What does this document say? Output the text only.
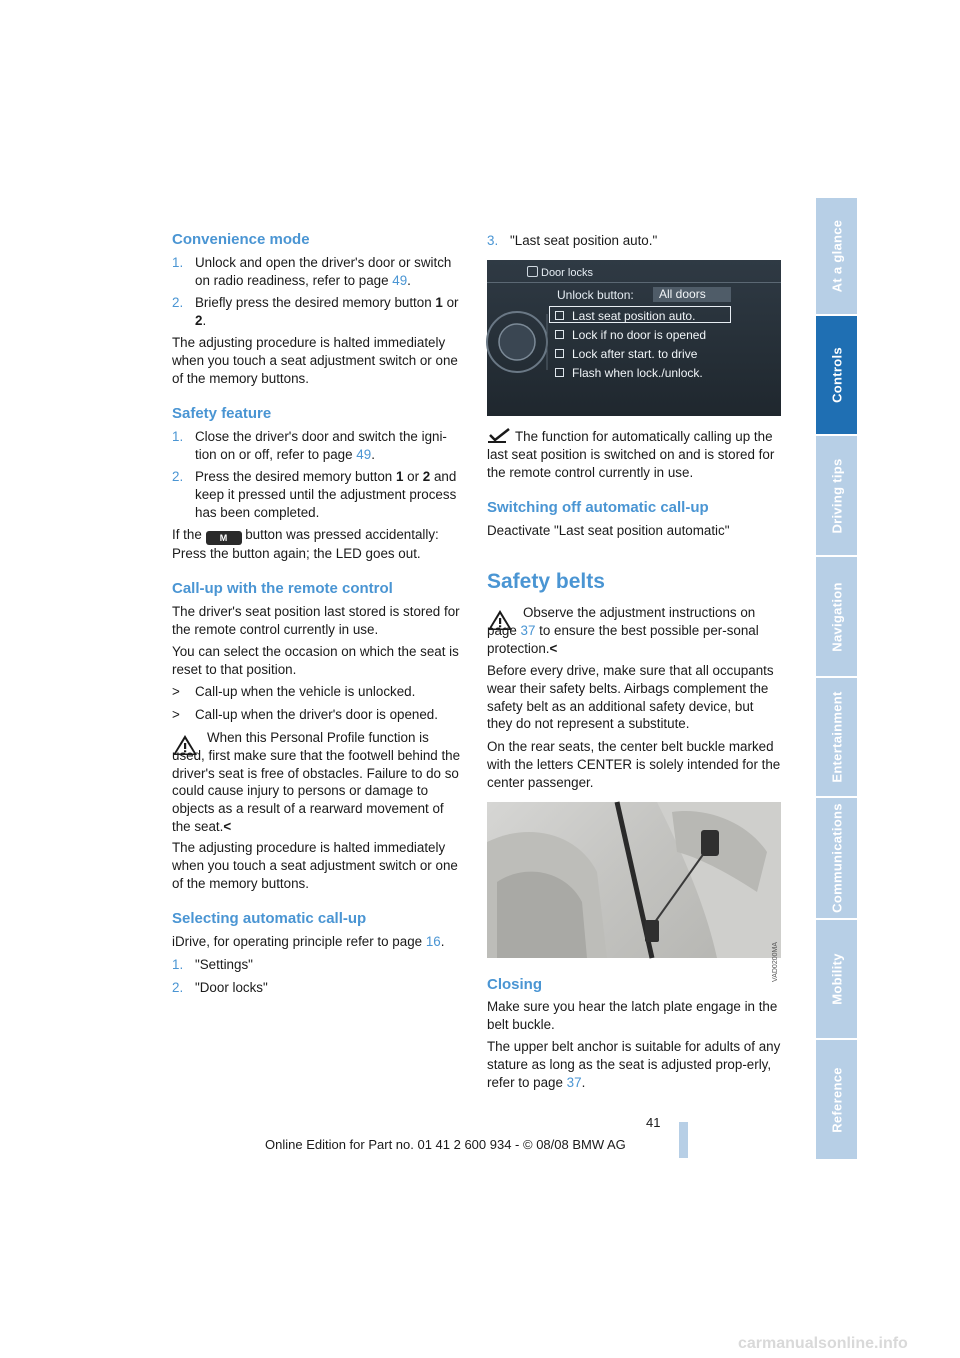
At a glance
Controls
Driving tips
Navigation
Entertainment
Communications
Mobility
Reference
Convenience mode
1. Unlock and open the driver's door or switch on radio readiness, refer to page 49.
2. Briefly press the desired memory button 1 or 2.
The adjusting procedure is halted immediately when you touch a seat adjustment switch or one of the memory buttons.
Safety feature
1. Close the driver's door and switch the igni-tion on or off, refer to page 49.
2. Press the desired memory button 1 or 2 and keep it pressed until the adjustment process has been completed.
If the M button was pressed accidentally: Press the button again; the LED goes out.
Call-up with the remote control
The driver's seat position last stored is stored for the remote control currently in use.
You can select the occasion on which the seat is reset to that position.
>	Call-up when the vehicle is unlocked.
>	Call-up when the driver's door is opened.
When this Personal Profile function is used, first make sure that the footwell behind the driver's seat is free of obstacles. Failure to do so could cause injury to persons or damage to objects as a result of a rearward movement of the seat.<
The adjusting procedure is halted immediately when you touch a seat adjustment switch or one of the memory buttons.
Selecting automatic call-up
iDrive, for operating principle refer to page 16.
1. "Settings"
2. "Door locks"
3. "Last seat position auto."
Door locks
Unlock button:	All doors
Last seat position auto.
Lock if no door is opened
Lock after start. to drive
Flash when lock./unlock.
The function for automatically calling up the last seat position is switched on and is stored for the remote control currently in use.
Switching off automatic call-up
Deactivate "Last seat position automatic"
Safety belts
Observe the adjustment instructions on page 37 to ensure the best possible per-sonal protection.<
Before every drive, make sure that all occupants wear their safety belts. Airbags complement the safety belt as an additional safety device, but they do not represent a substitute.
On the rear seats, the center belt buckle marked with the letters CENTER is solely intended for the center passenger.
VAD0200MA
Closing
Make sure you hear the latch plate engage in the belt buckle.
The upper belt anchor is suitable for adults of any stature as long as the seat is adjusted prop-erly, refer to page 37.
41
Online Edition for Part no. 01 41 2 600 934 - © 08/08 BMW AG
carmanualsonline.info
